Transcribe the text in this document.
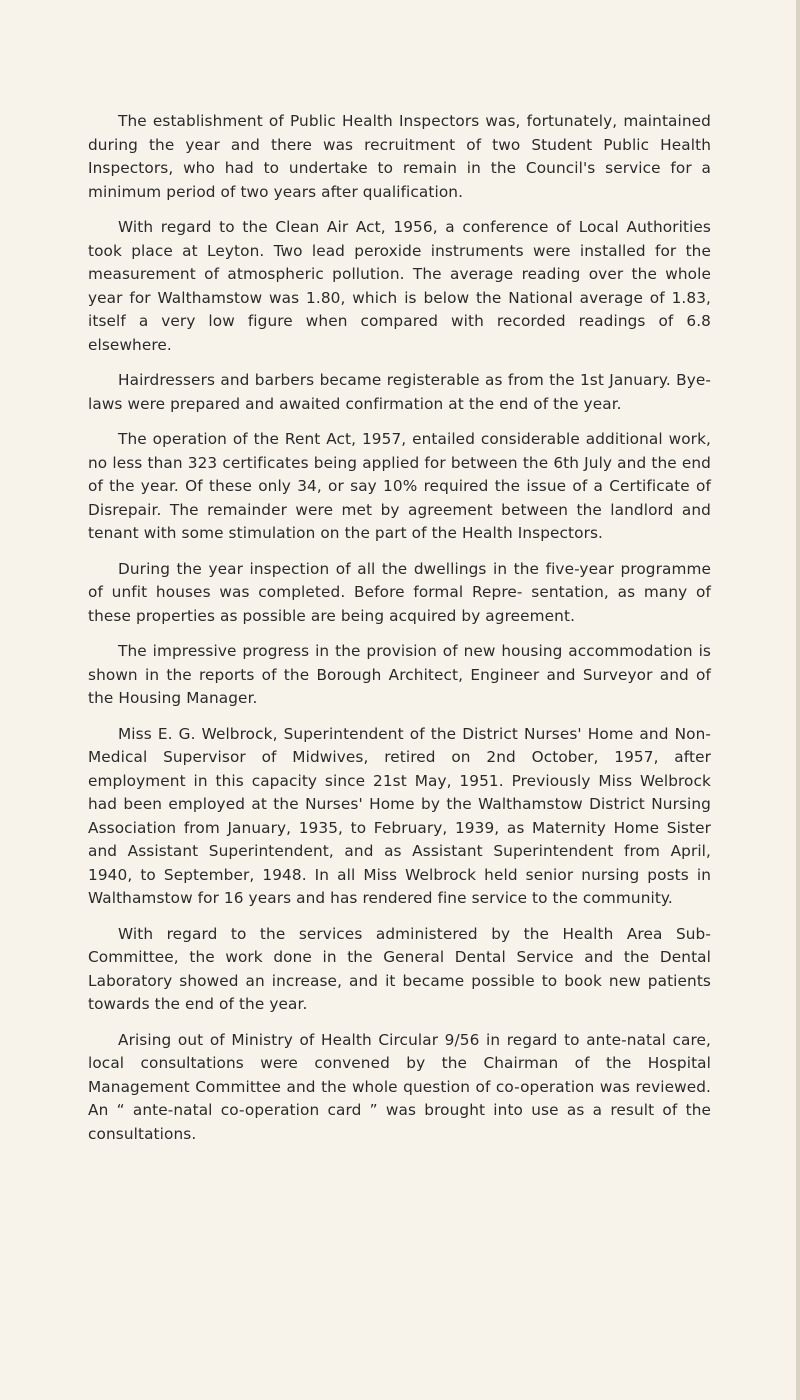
The establishment of Public Health Inspectors was, fortunately, maintained during the year and there was recruitment of two Student Public Health Inspectors, who had to undertake to remain in the Council's service for a minimum period of two years after qualification.

With regard to the Clean Air Act, 1956, a conference of Local Authorities took place at Leyton. Two lead peroxide instruments were installed for the measurement of atmospheric pollution. The average reading over the whole year for Walthamstow was 1.80, which is below the National average of 1.83, itself a very low figure when compared with recorded readings of 6.8 elsewhere.

Hairdressers and barbers became registerable as from the 1st January. Bye-laws were prepared and awaited confirmation at the end of the year.

The operation of the Rent Act, 1957, entailed considerable additional work, no less than 323 certificates being applied for between the 6th July and the end of the year. Of these only 34, or say 10% required the issue of a Certificate of Disrepair. The remainder were met by agreement between the landlord and tenant with some stimulation on the part of the Health Inspectors.

During the year inspection of all the dwellings in the five-year programme of unfit houses was completed. Before formal Repre- sentation, as many of these properties as possible are being acquired by agreement.

The impressive progress in the provision of new housing accommodation is shown in the reports of the Borough Architect, Engineer and Surveyor and of the Housing Manager.

Miss E. G. Welbrock, Superintendent of the District Nurses' Home and Non-Medical Supervisor of Midwives, retired on 2nd October, 1957, after employment in this capacity since 21st May, 1951. Previously Miss Welbrock had been employed at the Nurses' Home by the Walthamstow District Nursing Association from January, 1935, to February, 1939, as Maternity Home Sister and Assistant Superintendent, and as Assistant Superintendent from April, 1940, to September, 1948. In all Miss Welbrock held senior nursing posts in Walthamstow for 16 years and has rendered fine service to the community.

With regard to the services administered by the Health Area Sub-Committee, the work done in the General Dental Service and the Dental Laboratory showed an increase, and it became possible to book new patients towards the end of the year.

Arising out of Ministry of Health Circular 9/56 in regard to ante-natal care, local consultations were convened by the Chairman of the Hospital Management Committee and the whole question of co-operation was reviewed. An “ ante-natal co-operation card ” was brought into use as a result of the consultations.
